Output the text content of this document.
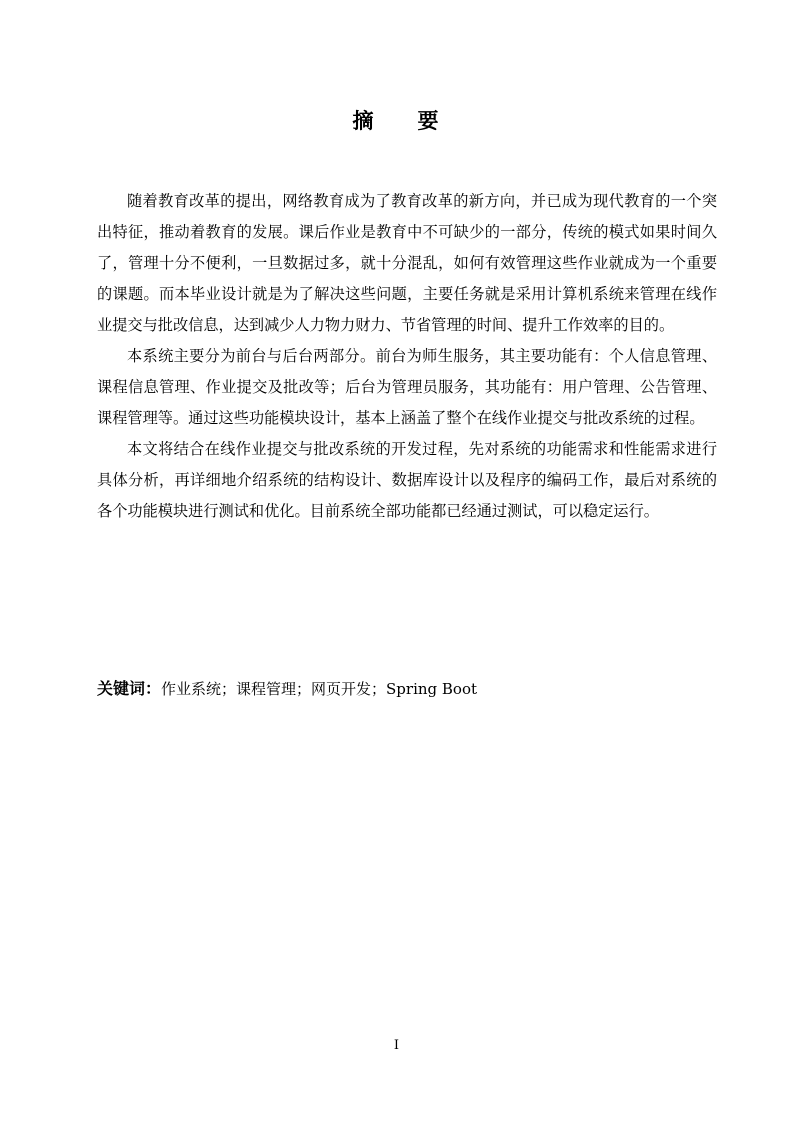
摘 要

随着教育改革的提出，网络教育成为了教育改革的新方向，并已成为现代教育的一个突出特征，推动着教育的发展。课后作业是教育中不可缺少的一部分，传统的模式如果时间久了，管理十分不便利，一旦数据过多，就十分混乱，如何有效管理这些作业就成为一个重要的课题。而本毕业设计就是为了解决这些问题，主要任务就是采用计算机系统来管理在线作业提交与批改信息，达到减少人力物力财力、节省管理的时间、提升工作效率的目的。

本系统主要分为前台与后台两部分。前台为师生服务，其主要功能有：个人信息管理、课程信息管理、作业提交及批改等；后台为管理员服务，其功能有：用户管理、公告管理、课程管理等。通过这些功能模块设计，基本上涵盖了整个在线作业提交与批改系统的过程。

本文将结合在线作业提交与批改系统的开发过程，先对系统的功能需求和性能需求进行具体分析，再详细地介绍系统的结构设计、数据库设计以及程序的编码工作，最后对系统的各个功能模块进行测试和优化。目前系统全部功能都已经通过测试，可以稳定运行。

关键词：作业系统；课程管理；网页开发；Spring Boot
I
